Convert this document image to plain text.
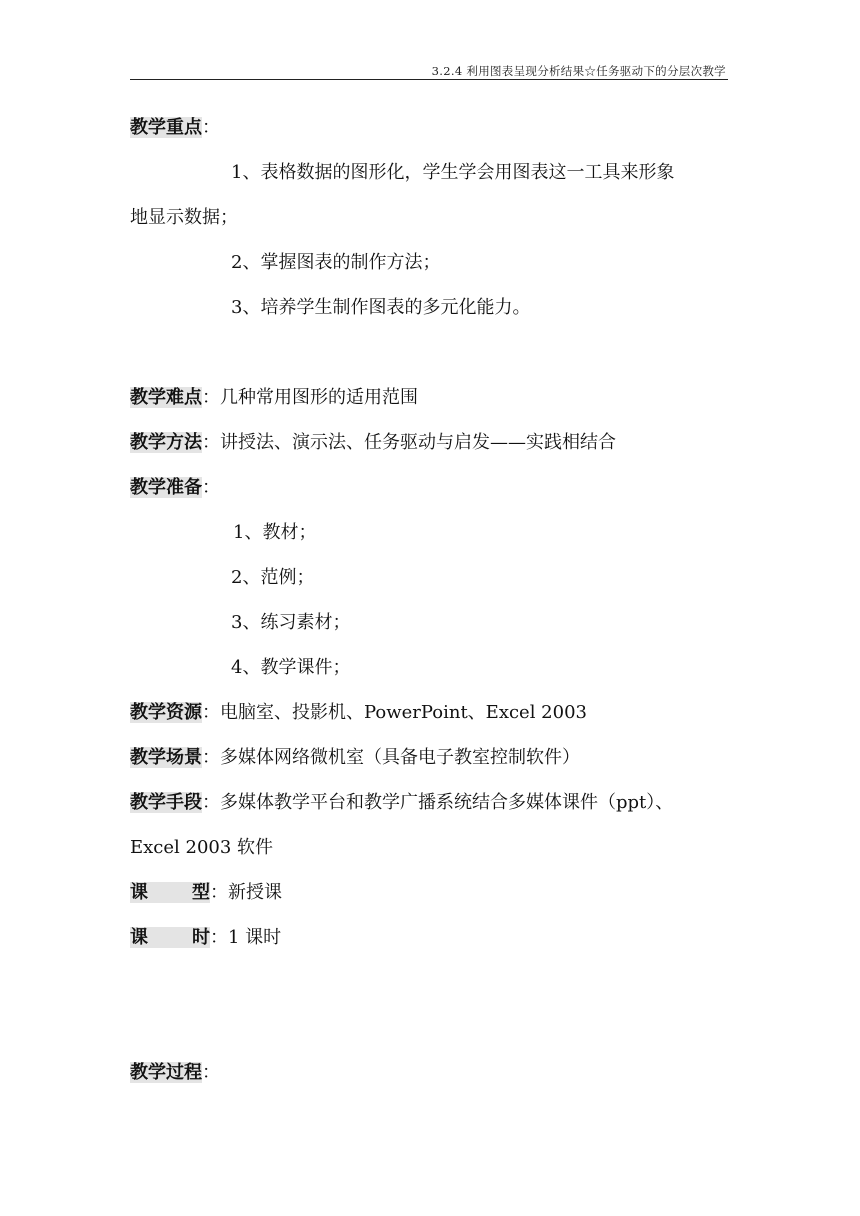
3.2.4 利用图表呈现分析结果☆任务驱动下的分层次教学
教学重点：
1、表格数据的图形化，学生学会用图表这一工具来形象
地显示数据；
2、掌握图表的制作方法；
3、培养学生制作图表的多元化能力。
教学难点：几种常用图形的适用范围
教学方法：讲授法、演示法、任务驱动与启发——实践相结合
教学准备：
1、教材；
2、范例；
3、练习素材；
4、教学课件；
教学资源：电脑室、投影机、PowerPoint、Excel 2003
教学场景：多媒体网络微机室（具备电子教室控制软件）
教学手段：多媒体教学平台和教学广播系统结合多媒体课件（ppt）、
Excel 2003 软件
课 型：新授课
课 时：1 课时
教学过程：
